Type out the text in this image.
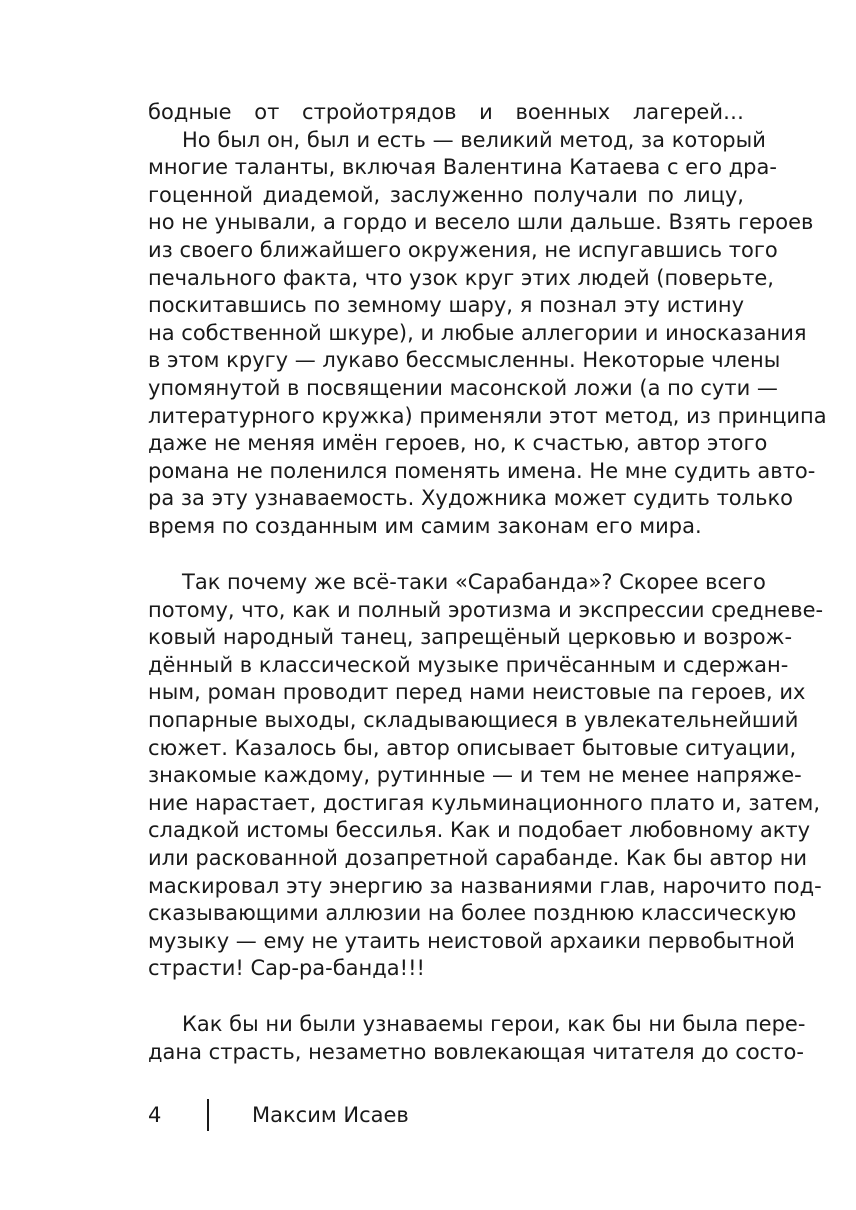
бодные от стройотрядов и военных лагерей…
Но был он, был и есть — великий метод, за который
многие таланты, включая Валентина Катаева с его дра-
гоценной диадемой, заслуженно получали по лицу,
но не унывали, а гордо и весело шли дальше. Взять героев
из своего ближайшего окружения, не испугавшись того
печального факта, что узок круг этих людей (поверьте,
поскитавшись по земному шару, я познал эту истину
на собственной шкуре), и любые аллегории и иносказания
в этом кругу — лукаво бессмысленны. Некоторые члены
упомянутой в посвящении масонской ложи (а по сути —
литературного кружка) применяли этот метод, из принципа
даже не меняя имён героев, но, к счастью, автор этого
романа не поленился поменять имена. Не мне судить авто-
ра за эту узнаваемость. Художника может судить только
время по созданным им самим законам его мира.
Так почему же всё-таки «Сарабанда»? Скорее всего
потому, что, как и полный эротизма и экспрессии средневе-
ковый народный танец, запрещёный церковью и возрож-
дённый в классической музыке причёсанным и сдержан-
ным, роман проводит перед нами неистовые па героев, их
попарные выходы, складывающиеся в увлекательнейший
сюжет. Казалось бы, автор описывает бытовые ситуации,
знакомые каждому, рутинные — и тем не менее напряже-
ние нарастает, достигая кульминационного плато и, затем,
сладкой истомы бессилья. Как и подобает любовному акту
или раскованной дозапретной сарабанде. Как бы автор ни
маскировал эту энергию за названиями глав, нарочито под-
сказывающими аллюзии на более позднюю классическую
музыку — ему не утаить неистовой архаики первобытной
страсти! Сар-ра-банда!!!
Как бы ни были узнаваемы герои, как бы ни была пере-
дана страсть, незаметно вовлекающая читателя до состо-
4	Максим Исаев
